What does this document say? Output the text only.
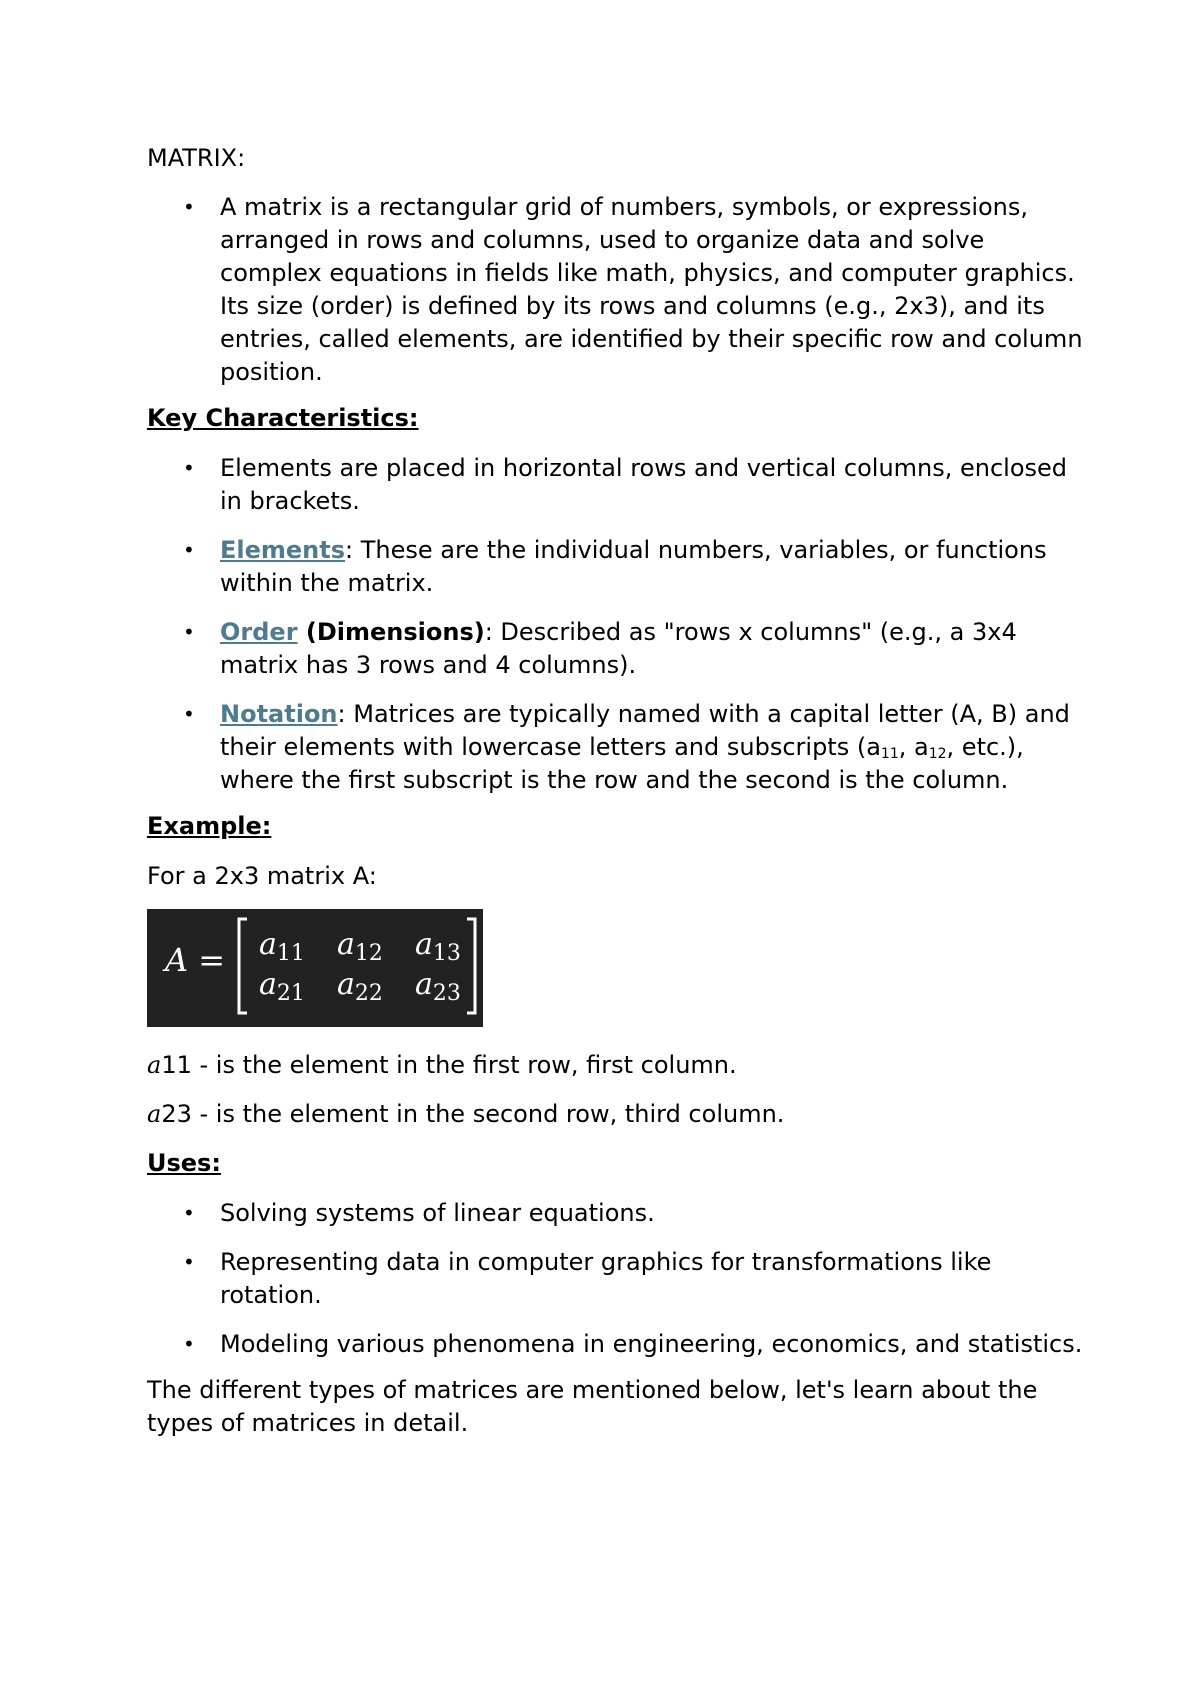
MATRIX:

• A matrix is a rectangular grid of numbers, symbols, or expressions, arranged in rows and columns, used to organize data and solve complex equations in fields like math, physics, and computer graphics. Its size (order) is defined by its rows and columns (e.g., 2x3), and its entries, called elements, are identified by their specific row and column position.

Key Characteristics:

• Elements are placed in horizontal rows and vertical columns, enclosed in brackets.
• Elements: These are the individual numbers, variables, or functions within the matrix.
• Order (Dimensions): Described as "rows x columns" (e.g., a 3x4 matrix has 3 rows and 4 columns).
• Notation: Matrices are typically named with a capital letter (A, B) and their elements with lowercase letters and subscripts ($a_{11}$, $a_{12}$, etc.), where the first subscript is the row and the second is the column.

Example:

For a 2x3 matrix A:

$A = a_{11}$ $a_{12}$ $a_{13}$
$a_{21}$ $a_{22}$ $a_{23}$

a11 - is the element in the first row, first column.

a23 - is the element in the second row, third column.

Uses:

• Solving systems of linear equations.
• Representing data in computer graphics for transformations like rotation.
• Modeling various phenomena in engineering, economics, and statistics.

The different types of matrices are mentioned below, let's learn about the types of matrices in detail.
